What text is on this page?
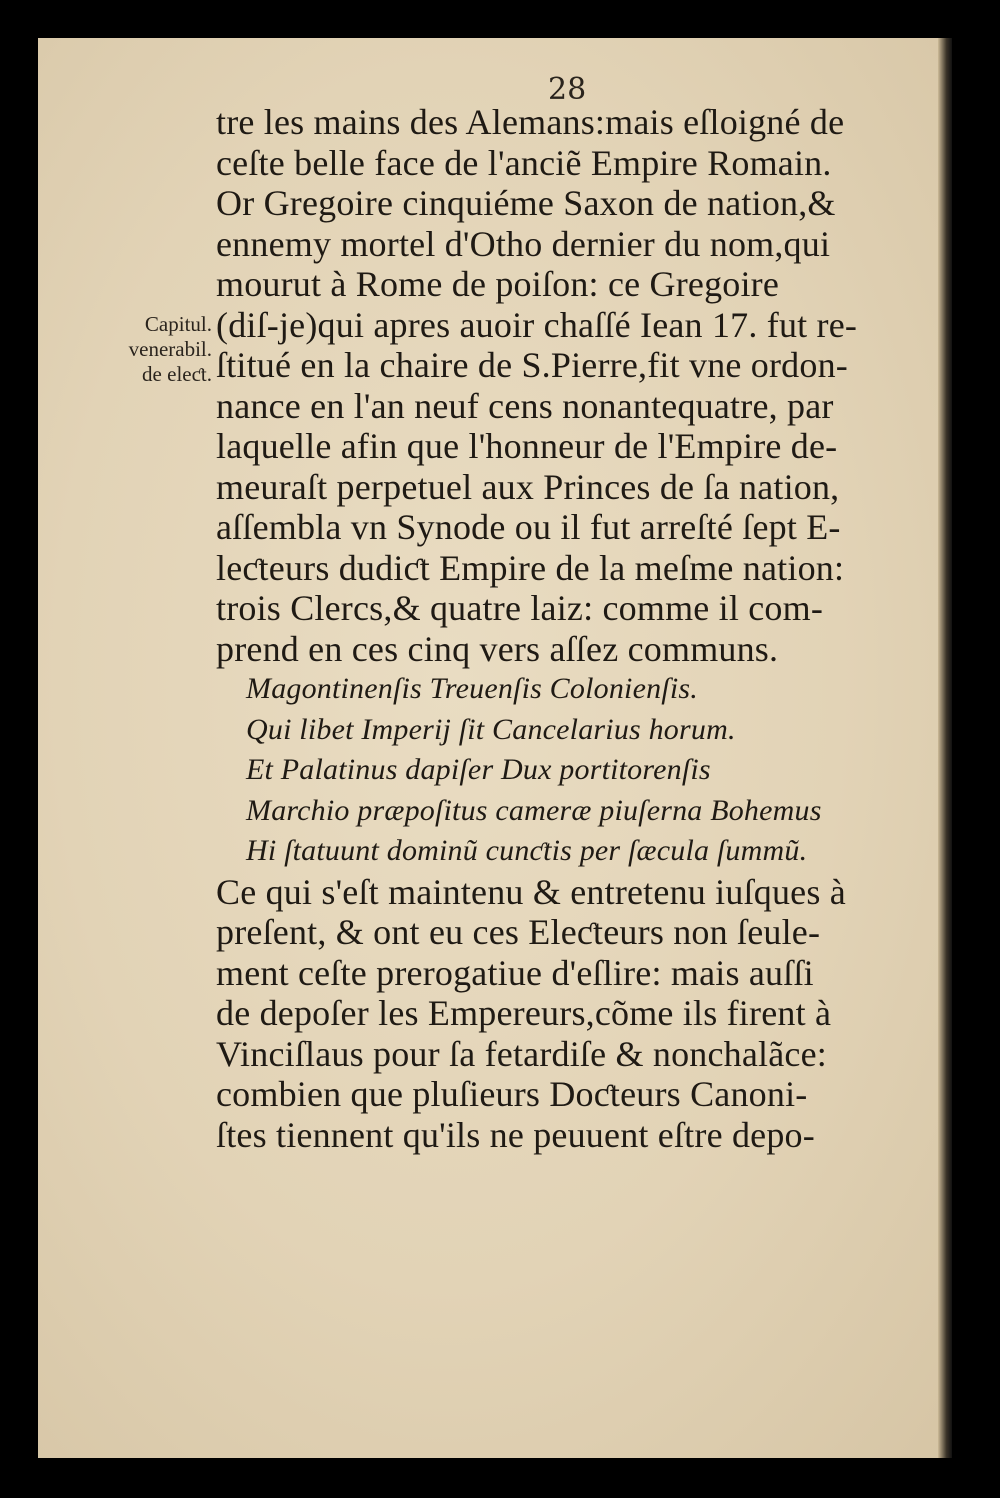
28
Capitul.
venerabil.
de eleƈt.
tre les mains des Alemans:mais eſloigné de
ceſte belle face de l'anciẽ Empire Romain.
Or Gregoire cinquiéme Saxon de nation,&
ennemy mortel d'Otho dernier du nom,qui
mourut à Rome de poiſon: ce Gregoire
(diſ-je)qui apres auoir chaſſé Iean 17. fut re-
ſtitué en la chaire de S.Pierre,fit vne ordon-
nance en l'an neuf cens nonantequatre, par
laquelle afin que l'honneur de l'Empire de-
meuraſt perpetuel aux Princes de ſa nation,
aſſembla vn Synode ou il fut arreſté ſept E-
leƈteurs dudiƈt Empire de la meſme nation:
trois Clercs,& quatre laiz: comme il com-
prend en ces cinq vers aſſez communs.
Magontinenſis Treuenſis Colonienſis.
Qui libet Imperij ſit Cancelarius horum.
Et Palatinus dapiſer Dux portitorenſis
Marchio præpoſitus cameræ piuſerna Bohemus
Hi ſtatuunt dominũ cunƈtis per ſæcula ſummũ.
Ce qui s'eſt maintenu & entretenu iuſques à
preſent, & ont eu ces Eleƈteurs non ſeule-
ment ceſte prerogatiue d'eſlire: mais auſſi
de depoſer les Empereurs,cõme ils firent à
Vinciſlaus pour ſa fetardiſe & nonchalãce:
combien que pluſieurs Doƈteurs Canoni-
ſtes tiennent qu'ils ne peuuent eſtre depo-
